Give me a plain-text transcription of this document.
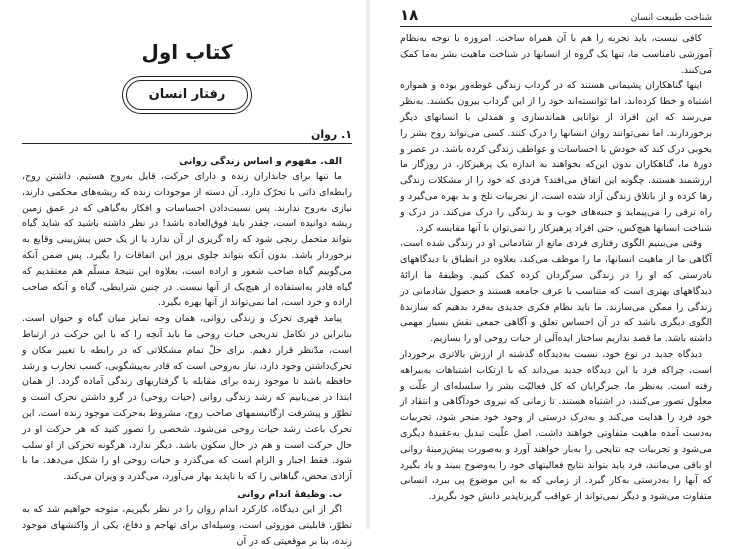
کتاب اول
رفتار انسان
۱. روان
الف. مفهوم و اساس زندگی روانی

ما تنها برای جانداران زنده و دارای حرکت، قایل به‌روح هستیم. داشتن روح، رابطه‌ای ذاتی با تحرّک دارد. آن دسته از موجودات زنده که ریشه‌های محکمی دارند، نیازی به‌روح ندارند. پس نسبت‌دادن احساسات و افکار به‌گیاهی که در عمق زمین ریشه دوانیده است، چقدر باید فوق‌العاده باشد! در نظر داشته باشید که شاید گیاه بتواند متحمل رنجی شود که راه گریزی از آن ندارد یا از یک حس پیش‌بینی وقایع به‌ برخوردار باشد. بدون آنکه بتواند جلوی بروز این اتفاقات را بگیرد. پس ضمن آنکه می‌گوییم گیاه صاحب شعور و اراده است، بعلاوه این نتیجهٔ مسلّم هم معتقدیم که گیاه قادر به‌استفاده از هیچ‌یک از آنها نیست. در چنین شرایطی، گیاه و آنکه صاحب اراده و خرد است، اما نمی‌تواند از آنها بهره بگیرد.

پیامد قهری تحرک و زندگی روانی، همان وجه تمایز میان گیاه و حیوان است. بنابراین در تکامل تدریجی حیات روحی ما باید آنچه را که با این حرکت در ارتباط است، مدّنظر قرار دهیم. برای حلّ تمام مشکلاتی که در رابطه با تغییر مکان و تحرک‌داشتن وجود دارد، نیاز به‌روحی است که قادر به‌پیشگویی، کسب تجارب و رشد حافظه باشد تا موجود زنده برای مقابله با گرفتاریهای زندگی آماده گردد. از همان ابتدا در می‌یابیم که رشد زندگی روانی (حیات روحی) در گرو داشتن تحرک است و تطوّر و پیشرفت ارگانیسمهای صاحب روح، مشروط به‌حرکت موجود زنده است. این تحرک باعث رشد حیات روحی می‌شود. شخصی را تصور کنید که هر حرکت او در حال حرکت است و هم در حال سکون باشد. دیگر ندارد، هرگونه تحرکی از او سلب شود. فقط اجبار و الزام است که می‌گذرد و حیات روحی او را شکل می‌دهد. ما با آزادی محض، گیاهانی را که با ناپدید بهار می‌آورد، می‌گذرد و ویران می‌کند.

ب. وظیفهٔ اندام روانی

اگر از این دیدگاه، کارکرد اندام روان را در نظر بگیریم، متوجه خواهیم شد که به تطوّر، قابلیتی موروثی است، وسیله‌ای برای تهاجم و دفاع، یکی از واکنشهای موجود زنده، بنا بر موقعیتی که در آن

۱۸	شناخت طبیعت انسان

کافی نیست، باید تجربه را هم با آن همراه ساخت. امروزه با توجه به‌نظام آموزشی نامناسب ما، تنها یک گروه از انسانها در شناخت ماهیت بشر به‌ما کمک می‌کنند.

اینها گناهکاران پشیمانی هستند که در گرداب زندگی غوطه‌ور بوده و همواره اشتباه و خطا کرده‌اند، اما توانسته‌اند خود را از این گرداب بیرون بکشند. به‌نظر می‌رسد که این افراد از توانایی هماندسازی و همدلی با انسانهای دیگر برخوردارند. اما نمی‌توانند روان انسانها را درک کنند. کسی می‌تواند روح بشر را بخوبی درک کند که خودش با احساسات و عواطف زندگی کرده باشد. در عصر و دورهٔ ما، گناهکاران بدون این‌که بخواهند به اندازه یک پرهیزکار، در روزگار ما ارزشمند هستند. چگونه این اتفاق می‌افتد؟ فردی که خود را از مشکلات زندگی رها کرده و از باتلاق زندگی آزاد شده است، از تجربیات تلخ و بد بهره می‌گیرد و راه ترقی را می‌پیماید و جنبه‌های خوب و بد زندگی را درک می‌کند. در درک و شناخت انسانها هیچ‌کس، حتی افراد پرهیزکار را نمی‌توان با آنها مقایسه کرد.

وقتی می‌بینیم الگوی رفتاری فردی مانع از شادمانی او در زندگی شده است، آگاهی ما از ماهیت انسانها، ما را موظف می‌کند، بعلاوه در انطباق با دیدگاههای نادرستی که او را در زندگی سرگردان کرده کمک کنیم. وظیفهٔ ما ارائهٔ دیدگاههای بهتری است که متناسب با عرف جامعه هستند و حصول شادمانی در زندگی را ممکن می‌سازند. ما باید نظام فکری جدیدی به‌فرد بدهیم که سازندهٔ الگوی دیگری باشد که در آن احساس تعلق و آگاهی جمعی نقش بسیار مهمی داشته باشد. ما قصد نداریم ساختار ایده‌آلی از حیات روحی او را بسازیم.

دیدگاه جدید در نوع خود، نسبت به‌دیدگاه گذشته از ارزش بالاتری برخوردار است، چراکه فرد با این دیدگاه جدید می‌داند که با ارتکاب اشتباهات به‌بیراهه رفته است. به‌نظر ما، جبرگرایان که کل فعالیّت بشر را سلسله‌ای از علّت و معلول تصور می‌کنند، در اشتباه هستند. تا زمانی که نیروی خودآگاهی و انتقاد از خود فرد را هدایت می‌کند و به‌درک درستی از وجود خود منجر شود، تجربیات به‌دست آمده ماهیت متفاوتی خواهند داشت. اصل علّیت تبدیل به‌عقیدهٔ دیگری می‌شود و تجربیات چه نتایجی را به‌بار خواهند آورد و به‌صورت پیش‌زمینهٔ روانی او باقی می‌مانند، فرد باید بتواند نتایج فعالیتهای خود را به‌وضوح ببیند و یاد بگیرد که آنها را به‌درستی به‌کار گیرد. از زمانی که به این موضوع پی ببرد، انسانی متفاوت می‌شود و دیگر نمی‌تواند از عواقب گریزناپذیر دانش خود بگریزد.
